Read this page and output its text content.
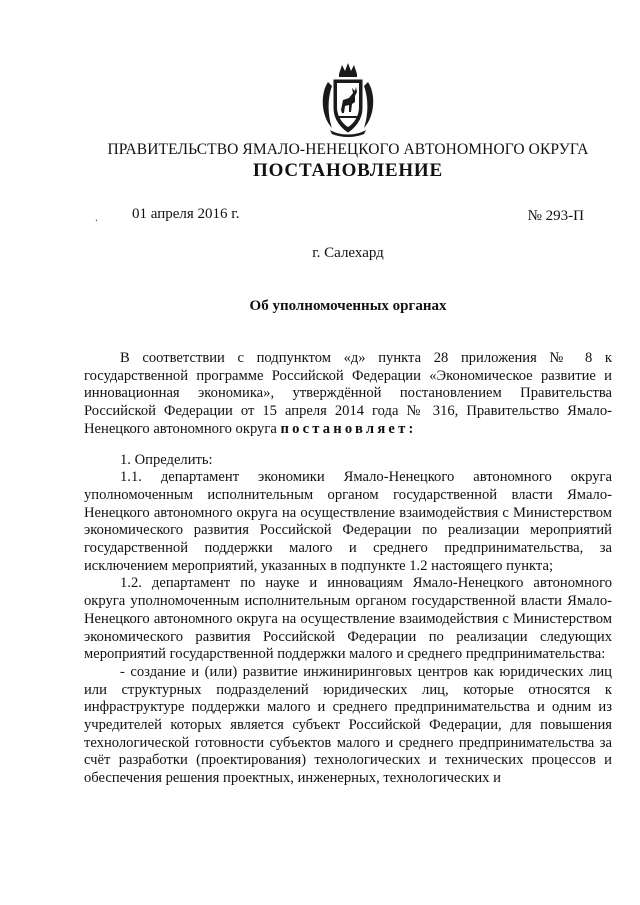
ПРАВИТЕЛЬСТВО ЯМАЛО-НЕНЕЦКОГО АВТОНОМНОГО ОКРУГА
ПОСТАНОВЛЕНИЕ
. 01 апреля 2016 г.	№ 293-П
г. Салехард
Об уполномоченных органах

В соответствии с подпунктом «д» пункта 28 приложения № 8 к государственной программе Российской Федерации «Экономическое развитие и инновационная экономика», утверждённой постановлением Правительства Российской Федерации от 15 апреля 2014 года № 316, Правительство Ямало-Ненецкого автономного округа постановляет:

1. Определить:

1.1. департамент экономики Ямало-Ненецкого автономного округа уполномоченным исполнительным органом государственной власти Ямало-Ненецкого автономного округа на осуществление взаимодействия с Министерством экономического развития Российской Федерации по реализации мероприятий государственной поддержки малого и среднего предпринимательства, за исключением мероприятий, указанных в подпункте 1.2 настоящего пункта;

1.2. департамент по науке и инновациям Ямало-Ненецкого автономного округа уполномоченным исполнительным органом государственной власти Ямало-Ненецкого автономного округа на осуществление взаимодействия с Министерством экономического развития Российской Федерации по реализации следующих мероприятий государственной поддержки малого и среднего предпринимательства:

- создание и (или) развитие инжиниринговых центров как юридических лиц или структурных подразделений юридических лиц, которые относятся к инфраструктуре поддержки малого и среднего предпринимательства и одним из учредителей которых является субъект Российской Федерации, для повышения технологической готовности субъектов малого и среднего предпринимательства за счёт разработки (проектирования) технологических и технических процессов и обеспечения решения проектных, инженерных, технологических и
